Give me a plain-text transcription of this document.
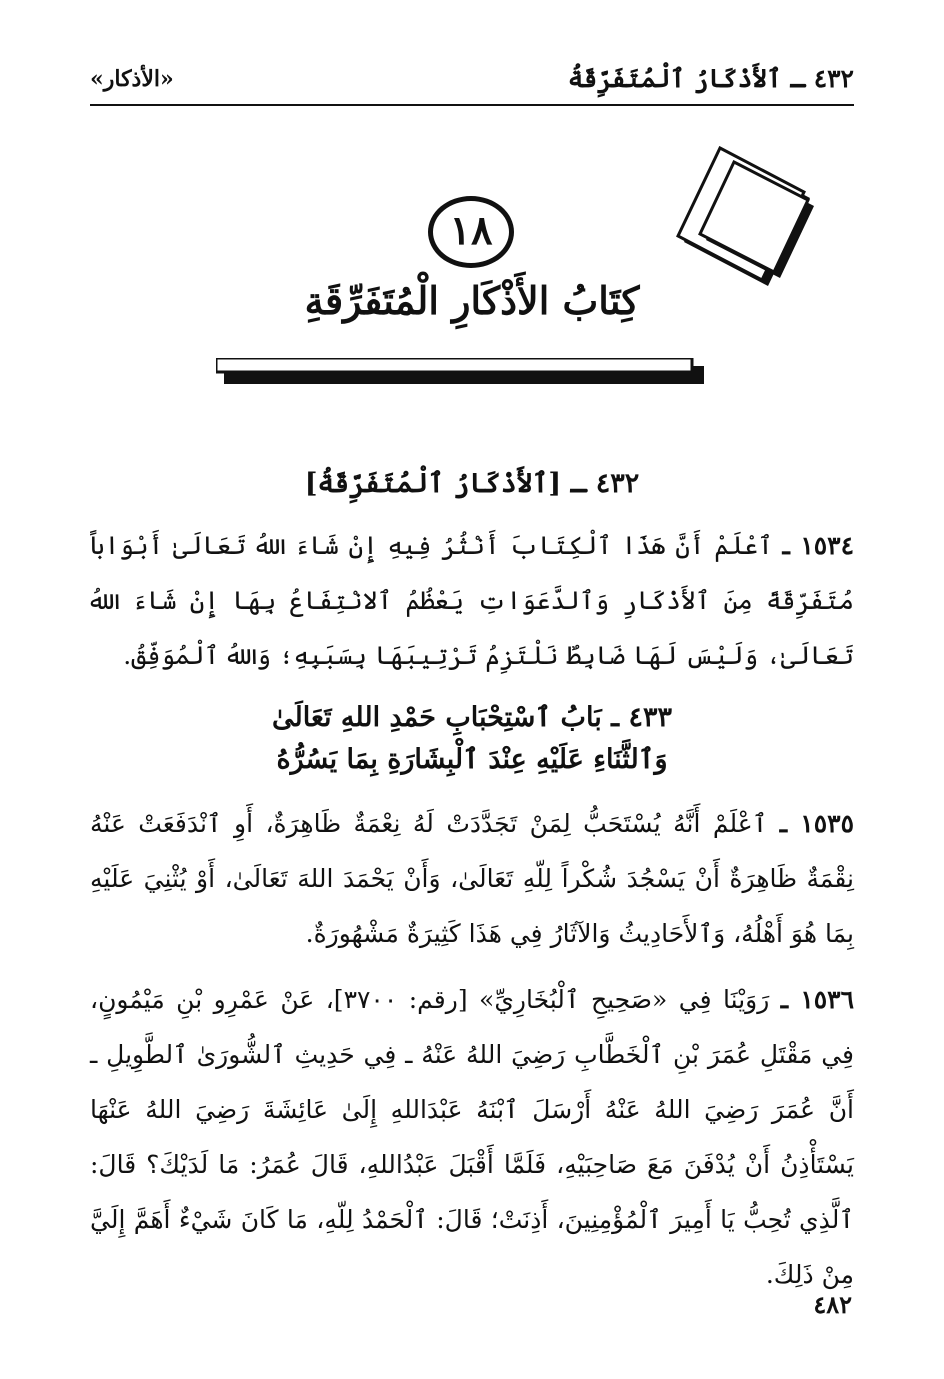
٤٣٢ ـ ٱلأَذْكَارُ ٱلْمُتَفَرِّقَةُ
«الأذكار»
١٨
كِتَابُ الأَذْكَارِ الْمُتَفَرِّقَةِ
٤٣٢ ـ [ٱلأَذْكَارُ ٱلْمُتَفَرِّقَةُ]
١٥٣٤ ـ ٱعْلَمْ أَنَّ هَذَا ٱلْكِتَابَ أَنْثُرُ فِيهِ إِنْ شَاءَ اللهُ تَعَالَىٰ أَبْوَاباً مُتَفَرِّقَةً مِنَ ٱلأَذْكَارِ وَٱلدَّعَوَاتِ يَعْظُمُ ٱلانْتِفَاعُ بِهَا إِنْ شَاءَ اللهُ تَعَالَىٰ، وَلَيْسَ لَهَا ضَابِطٌ نَلْتَزِمُ تَرْتِيبَهَا بِسَبَبِهِ؛ وَاللهُ ٱلْمُوَفِّقُ.
٤٣٣ ـ بَابُ ٱسْتِحْبَابِ حَمْدِ اللهِ تَعَالَىٰ
وَٱلثَّنَاءِ عَلَيْهِ عِنْدَ ٱلْبِشَارَةِ بِمَا يَسُرُّهُ
١٥٣٥ ـ ٱعْلَمْ أَنَّهُ يُسْتَحَبُّ لِمَنْ تَجَدَّدَتْ لَهُ نِعْمَةٌ ظَاهِرَةٌ، أَوِ ٱنْدَفَعَتْ عَنْهُ نِقْمَةٌ ظَاهِرَةٌ أَنْ يَسْجُدَ شُكْراً لِلّهِ تَعَالَىٰ، وَأَنْ يَحْمَدَ اللهَ تَعَالَىٰ، أَوْ يُثْنِيَ عَلَيْهِ بِمَا هُوَ أَهْلُهُ، وَٱلأَحَادِيثُ وَالآثَارُ فِي هَذَا كَثِيرَةٌ مَشْهُورَةٌ.
١٥٣٦ ـ رَوَيْنَا فِي «صَحِيحِ ٱلْبُخَارِيِّ» [رقم: ٣٧٠٠]، عَنْ عَمْرِو بْنِ مَيْمُونٍ، فِي مَقْتَلِ عُمَرَ بْنِ ٱلْخَطَّابِ رَضِيَ اللهُ عَنْهُ ـ فِي حَدِيثِ ٱلشُّورَىٰ ٱلطَّوِيلِ ـ أَنَّ عُمَرَ رَضِيَ اللهُ عَنْهُ أَرْسَلَ ٱبْنَهُ عَبْدَاللهِ إِلَىٰ عَائِشَةَ رَضِيَ اللهُ عَنْهَا يَسْتَأْذِنُ أَنْ يُدْفَنَ مَعَ صَاحِبَيْهِ، فَلَمَّا أَقْبَلَ عَبْدُاللهِ، قَالَ عُمَرُ: مَا لَدَيْكَ؟ قَالَ: ٱلَّذِي تُحِبُّ يَا أَمِيرَ ٱلْمُؤْمِنِينَ، أَذِنَتْ؛ قَالَ: ٱلْحَمْدُ لِلّهِ، مَا كَانَ شَيْءٌ أَهَمَّ إِلَيَّ مِنْ ذَلِكَ.
٤٨٢
